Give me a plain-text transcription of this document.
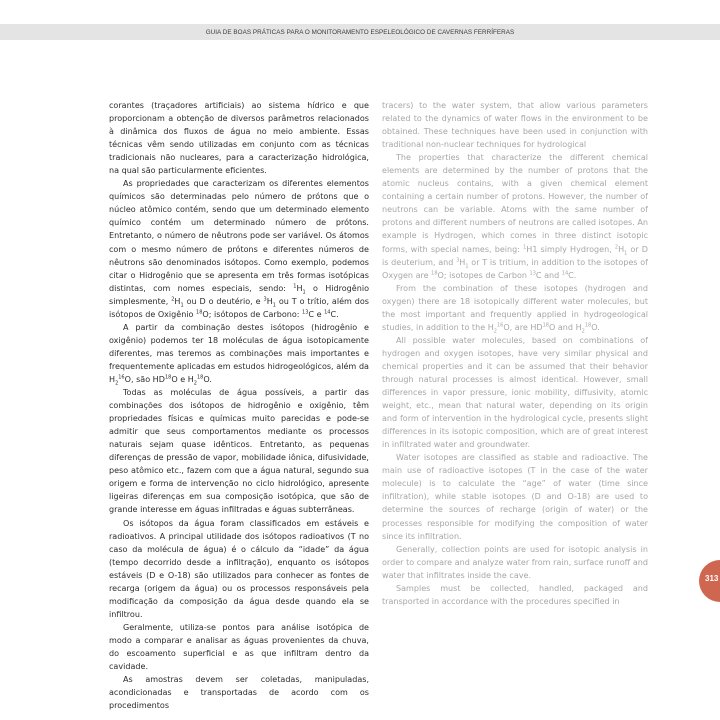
GUIA DE BOAS PRÁTICAS PARA O MONITORAMENTO ESPELEOLÓGICO DE CAVERNAS FERRÍFERAS

corantes (traçadores artificiais) ao sistema hídrico e que proporcionam a obtenção de diversos parâmetros relacionados à dinâmica dos fluxos de água no meio ambiente. Essas técnicas vêm sendo utilizadas em conjunto com as técnicas tradicionais não nucleares, para a caracterização hidrológica, na qual são particularmente eficientes.

As propriedades que caracterizam os diferentes elementos químicos são determinadas pelo número de prótons que o núcleo atômico contém, sendo que um determinado elemento químico contém um determinado número de prótons. Entretanto, o número de nêutrons pode ser variável. Os átomos com o mesmo número de prótons e diferentes números de nêutrons são denominados isótopos. Como exemplo, podemos citar o Hidrogênio que se apresenta em três formas isotópicas distintas, com nomes especiais, sendo: $^1H_1$ o Hidrogênio simplesmente, $^2H_1$ ou D o deutério, e $^3H_1$ ou T o trítio, além dos isótopos de Oxigênio $^{18}$O; isótopos de Carbono: $^{13}$C e $^{14}$C.

A partir da combinação destes isótopos (hidrogênio e oxigênio) podemos ter 18 moléculas de água isotopicamente diferentes, mas teremos as combinações mais importantes e frequentemente aplicadas em estudos hidrogeológicos, além da $H_2^{16}O$, são HD$^{18}$O e $H_2^{18}O$.

Todas as moléculas de água possíveis, a partir das combinações dos isótopos de hidrogênio e oxigênio, têm propriedades físicas e químicas muito parecidas e pode-se admitir que seus comportamentos mediante os processos naturais sejam quase idênticos. Entretanto, as pequenas diferenças de pressão de vapor, mobilidade iônica, difusividade, peso atômico etc., fazem com que a água natural, segundo sua origem e forma de intervenção no ciclo hidrológico, apresente ligeiras diferenças em sua composição isotópica, que são de grande interesse em águas infiltradas e águas subterrâneas.

Os isótopos da água foram classificados em estáveis e radioativos. A principal utilidade dos isótopos radioativos (T no caso da molécula de água) é o cálculo da “idade” da água (tempo decorrido desde a infiltração), enquanto os isótopos estáveis (D e O-18) são utilizados para conhecer as fontes de recarga (origem da água) ou os processos responsáveis pela modificação da composição da água desde quando ela se infiltrou.

Geralmente, utiliza-se pontos para análise isotópica de modo a comparar e analisar as águas provenientes da chuva, do escoamento superficial e as que infiltram dentro da cavidade.

As amostras devem ser coletadas, manipuladas, acondicionadas e transportadas de acordo com os procedimentos

tracers) to the water system, that allow various parameters related to the dynamics of water flows in the environment to be obtained. These techniques have been used in conjunction with traditional non-nuclear techniques for hydrological

The properties that characterize the different chemical elements are determined by the number of protons that the atomic nucleus contains, with a given chemical element containing a certain number of protons. However, the number of neutrons can be variable. Atoms with the same number of protons and different numbers of neutrons are called isotopes. An example is Hydrogen, which comes in three distinct isotopic forms, with special names, being: $^1$H1 simply Hydrogen, $^2H_1$ or D is deuterium, and $^3H_1$ or T is tritium, in addition to the isotopes of Oxygen are $^{18}$O; isotopes de Carbon $^{13}$C and $^{14}$C.

From the combination of these isotopes (hydrogen and oxygen) there are 18 isotopically different water molecules, but the most important and frequently applied in hydrogeological studies, in addition to the $H_2^{16}O$, are HD$^{18}$O and $H_2^{18}O$.

All possible water molecules, based on combinations of hydrogen and oxygen isotopes, have very similar physical and chemical properties and it can be assumed that their behavior through natural processes is almost identical. However, small differences in vapor pressure, ionic mobility, diffusivity, atomic weight, etc., mean that natural water, depending on its origin and form of intervention in the hydrological cycle, presents slight differences in its isotopic composition, which are of great interest in infiltrated water and groundwater.

Water isotopes are classified as stable and radioactive. The main use of radioactive isotopes (T in the case of the water molecule) is to calculate the “age” of water (time since infiltration), while stable isotopes (D and O-18) are used to determine the sources of recharge (origin of water) or the processes responsible for modifying the composition of water since its infiltration.

Generally, collection points are used for isotopic analysis in order to compare and analyze water from rain, surface runoff and water that infiltrates inside the cave.

Samples must be collected, handled, packaged and transported in accordance with the procedures specified in

313
